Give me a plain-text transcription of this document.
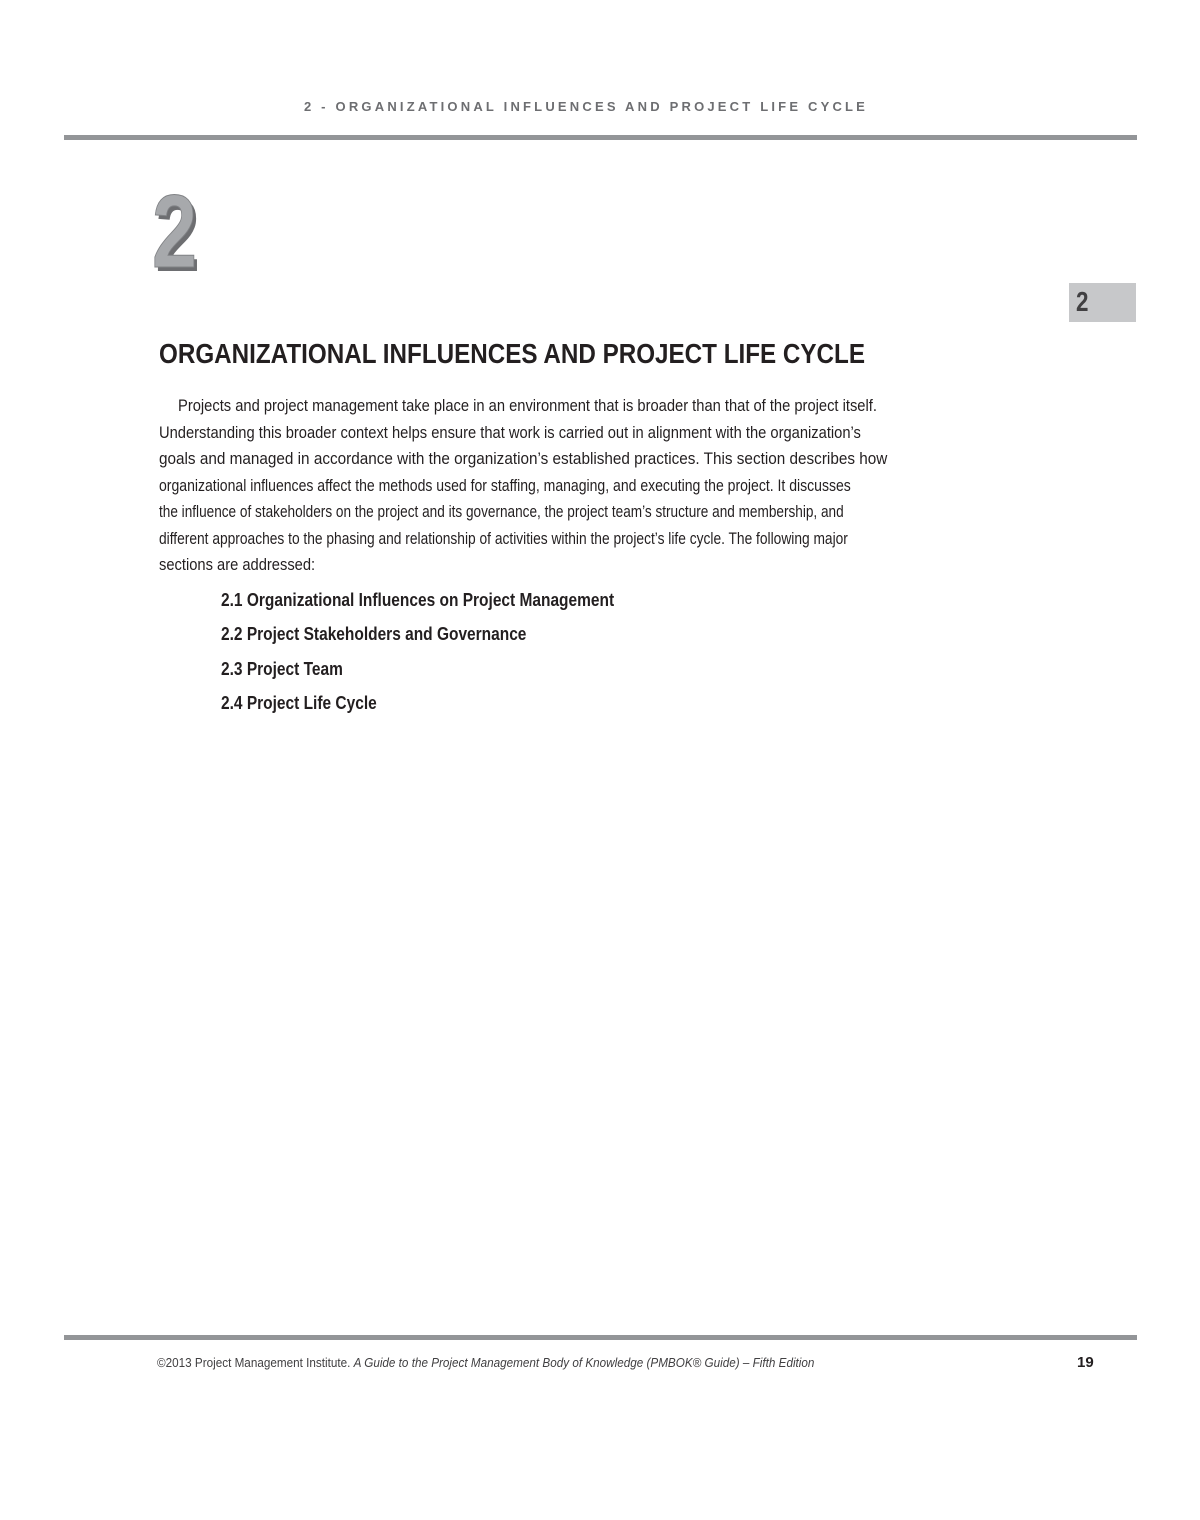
2 - ORGANIZATIONAL INFLUENCES AND PROJECT LIFE CYCLE
2
2
ORGANIZATIONAL INFLUENCES AND PROJECT LIFE CYCLE
Projects and project management take place in an environment that is broader than that of the project itself.
Understanding this broader context helps ensure that work is carried out in alignment with the organization’s
goals and managed in accordance with the organization’s established practices. This section describes how
organizational influences affect the methods used for staffing, managing, and executing the project. It discusses
the influence of stakeholders on the project and its governance, the project team’s structure and membership, and
different approaches to the phasing and relationship of activities within the project’s life cycle. The following major
sections are addressed:
2.1 Organizational Influences on Project Management
2.2 Project Stakeholders and Governance
2.3 Project Team
2.4 Project Life Cycle
©2013 Project Management Institute. A Guide to the Project Management Body of Knowledge (PMBOK® Guide) – Fifth Edition	19
